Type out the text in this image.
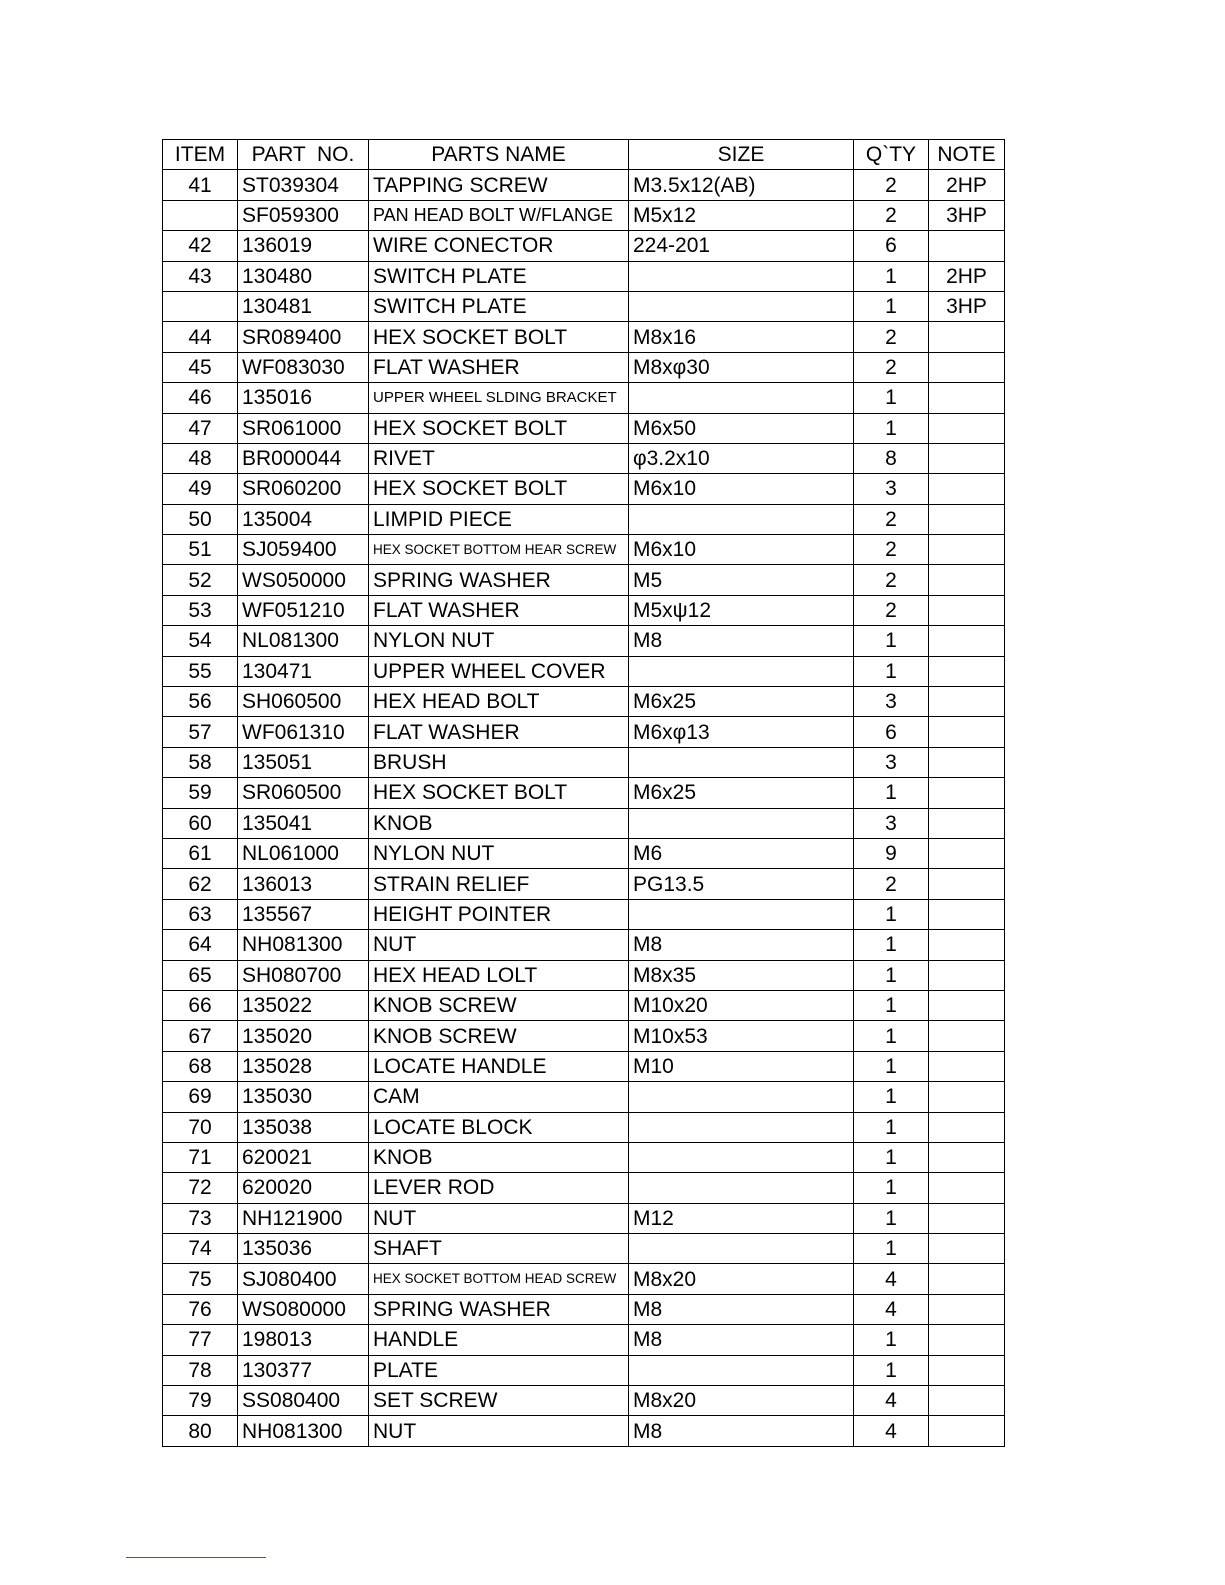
ITEM	PART  NO.	PARTS NAME	SIZE	Q`TY	NOTE
41	ST039304	TAPPING SCREW	M3.5x12(AB)	2	2HP
	SF059300	PAN HEAD BOLT W/FLANGE	M5x12	2	3HP
42	136019	WIRE CONECTOR	224-201	6	
43	130480	SWITCH PLATE		1	2HP
	130481	SWITCH PLATE		1	3HP
44	SR089400	HEX SOCKET BOLT	M8x16	2	
45	WF083030	FLAT WASHER	M8xφ30	2	
46	135016	UPPER WHEEL SLDING BRACKET		1	
47	SR061000	HEX SOCKET BOLT	M6x50	1	
48	BR000044	RIVET	φ3.2x10	8	
49	SR060200	HEX SOCKET BOLT	M6x10	3	
50	135004	LIMPID PIECE		2	
51	SJ059400	HEX SOCKET BOTTOM HEAR SCREW	M6x10	2	
52	WS050000	SPRING WASHER	M5	2	
53	WF051210	FLAT WASHER	M5xψ12	2	
54	NL081300	NYLON NUT	M8	1	
55	130471	UPPER WHEEL COVER		1	
56	SH060500	HEX HEAD BOLT	M6x25	3	
57	WF061310	FLAT WASHER	M6xφ13	6	
58	135051	BRUSH		3	
59	SR060500	HEX SOCKET BOLT	M6x25	1	
60	135041	KNOB		3	
61	NL061000	NYLON NUT	M6	9	
62	136013	STRAIN RELIEF	PG13.5	2	
63	135567	HEIGHT POINTER		1	
64	NH081300	NUT	M8	1	
65	SH080700	HEX HEAD LOLT	M8x35	1	
66	135022	KNOB SCREW	M10x20	1	
67	135020	KNOB SCREW	M10x53	1	
68	135028	LOCATE HANDLE	M10	1	
69	135030	CAM		1	
70	135038	LOCATE BLOCK		1	
71	620021	KNOB		1	
72	620020	LEVER ROD		1	
73	NH121900	NUT	M12	1	
74	135036	SHAFT		1	
75	SJ080400	HEX SOCKET BOTTOM HEAD SCREW	M8x20	4	
76	WS080000	SPRING WASHER	M8	4	
77	198013	HANDLE	M8	1	
78	130377	PLATE		1	
79	SS080400	SET SCREW	M8x20	4	
80	NH081300	NUT	M8	4	
